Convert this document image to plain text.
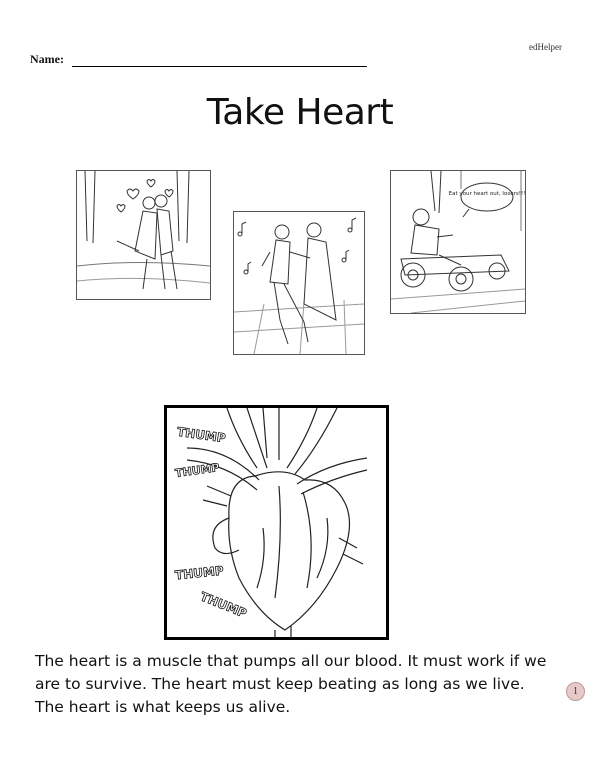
edHelper
Name:
Take Heart
Eat your heart out, losers!!!
THUMP
THUMP
THUMP
THUMP
The heart is a muscle that pumps all our blood. It must work if we
are to survive. The heart must keep beating as long as we live.
The heart is what keeps us alive.
1
